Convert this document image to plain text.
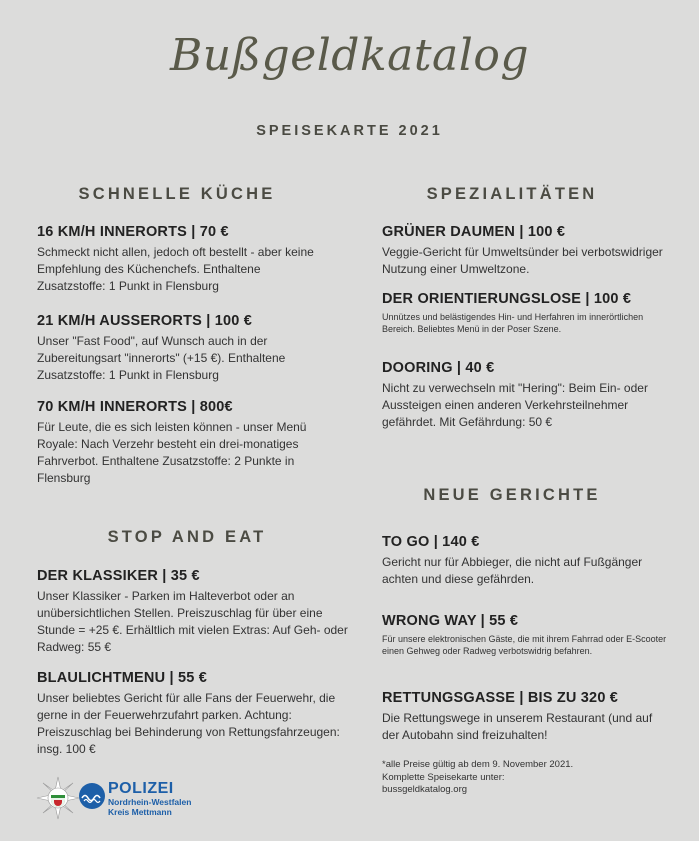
Bußgeldkatalog
SPEISEKARTE 2021
SCHNELLE KÜCHE
16 KM/H INNERORTS | 70 €
Schmeckt nicht allen, jedoch oft bestellt - aber keine Empfehlung des Küchenchefs. Enthaltene Zusatzstoffe: 1 Punkt in Flensburg
21 KM/H AUSSERORTS | 100 €
Unser "Fast Food", auf Wunsch auch in der Zubereitungsart "innerorts" (+15 €). Enthaltene Zusatzstoffe: 1 Punkt in Flensburg
70 KM/H INNERORTS | 800€
Für Leute, die es sich leisten können - unser Menü Royale: Nach Verzehr besteht ein drei-monatiges Fahrverbot. Enthaltene Zusatzstoffe: 2 Punkte in Flensburg
STOP AND EAT
DER KLASSIKER | 35 €
Unser Klassiker - Parken im Halteverbot oder an unübersichtlichen Stellen. Preiszuschlag für über eine Stunde = +25 €. Erhältlich mit vielen Extras: Auf Geh- oder Radweg: 55 €
BLAULICHTMENU | 55 €
Unser beliebtes Gericht für alle Fans der Feuerwehr, die gerne in der Feuerwehrzufahrt parken. Achtung: Preiszuschlag bei Behinderung von Rettungsfahrzeugen: insg. 100 €
SPEZIALITÄTEN
GRÜNER DAUMEN | 100 €
Veggie-Gericht für Umweltsünder bei verbotswidriger Nutzung einer Umweltzone.
DER ORIENTIERUNGSLOSE | 100 €
Unnützes und belästigendes Hin- und Herfahren im innerörtlichen Bereich. Beliebtes Menü in der Poser Szene.
DOORING | 40 €
Nicht zu verwechseln mit "Hering": Beim Ein- oder Aussteigen einen anderen Verkehrsteilnehmer gefährdet. Mit Gefährdung: 50 €
NEUE GERICHTE
TO GO | 140 €
Gericht nur für Abbieger, die nicht auf Fußgänger achten und diese gefährden.
WRONG WAY | 55 €
Für unsere elektronischen Gäste, die mit ihrem Fahrrad oder E-Scooter einen Gehweg oder Radweg verbotswidrig befahren.
RETTUNGSGASSE | BIS ZU 320 €
Die Rettungswege in unserem Restaurant (und auf der Autobahn sind freizuhalten!
*alle Preise gültig ab dem 9. November 2021.
Komplette Speisekarte unter:
bussgeldkatalog.org
POLIZEI
Nordrhein-Westfalen
Kreis Mettmann
